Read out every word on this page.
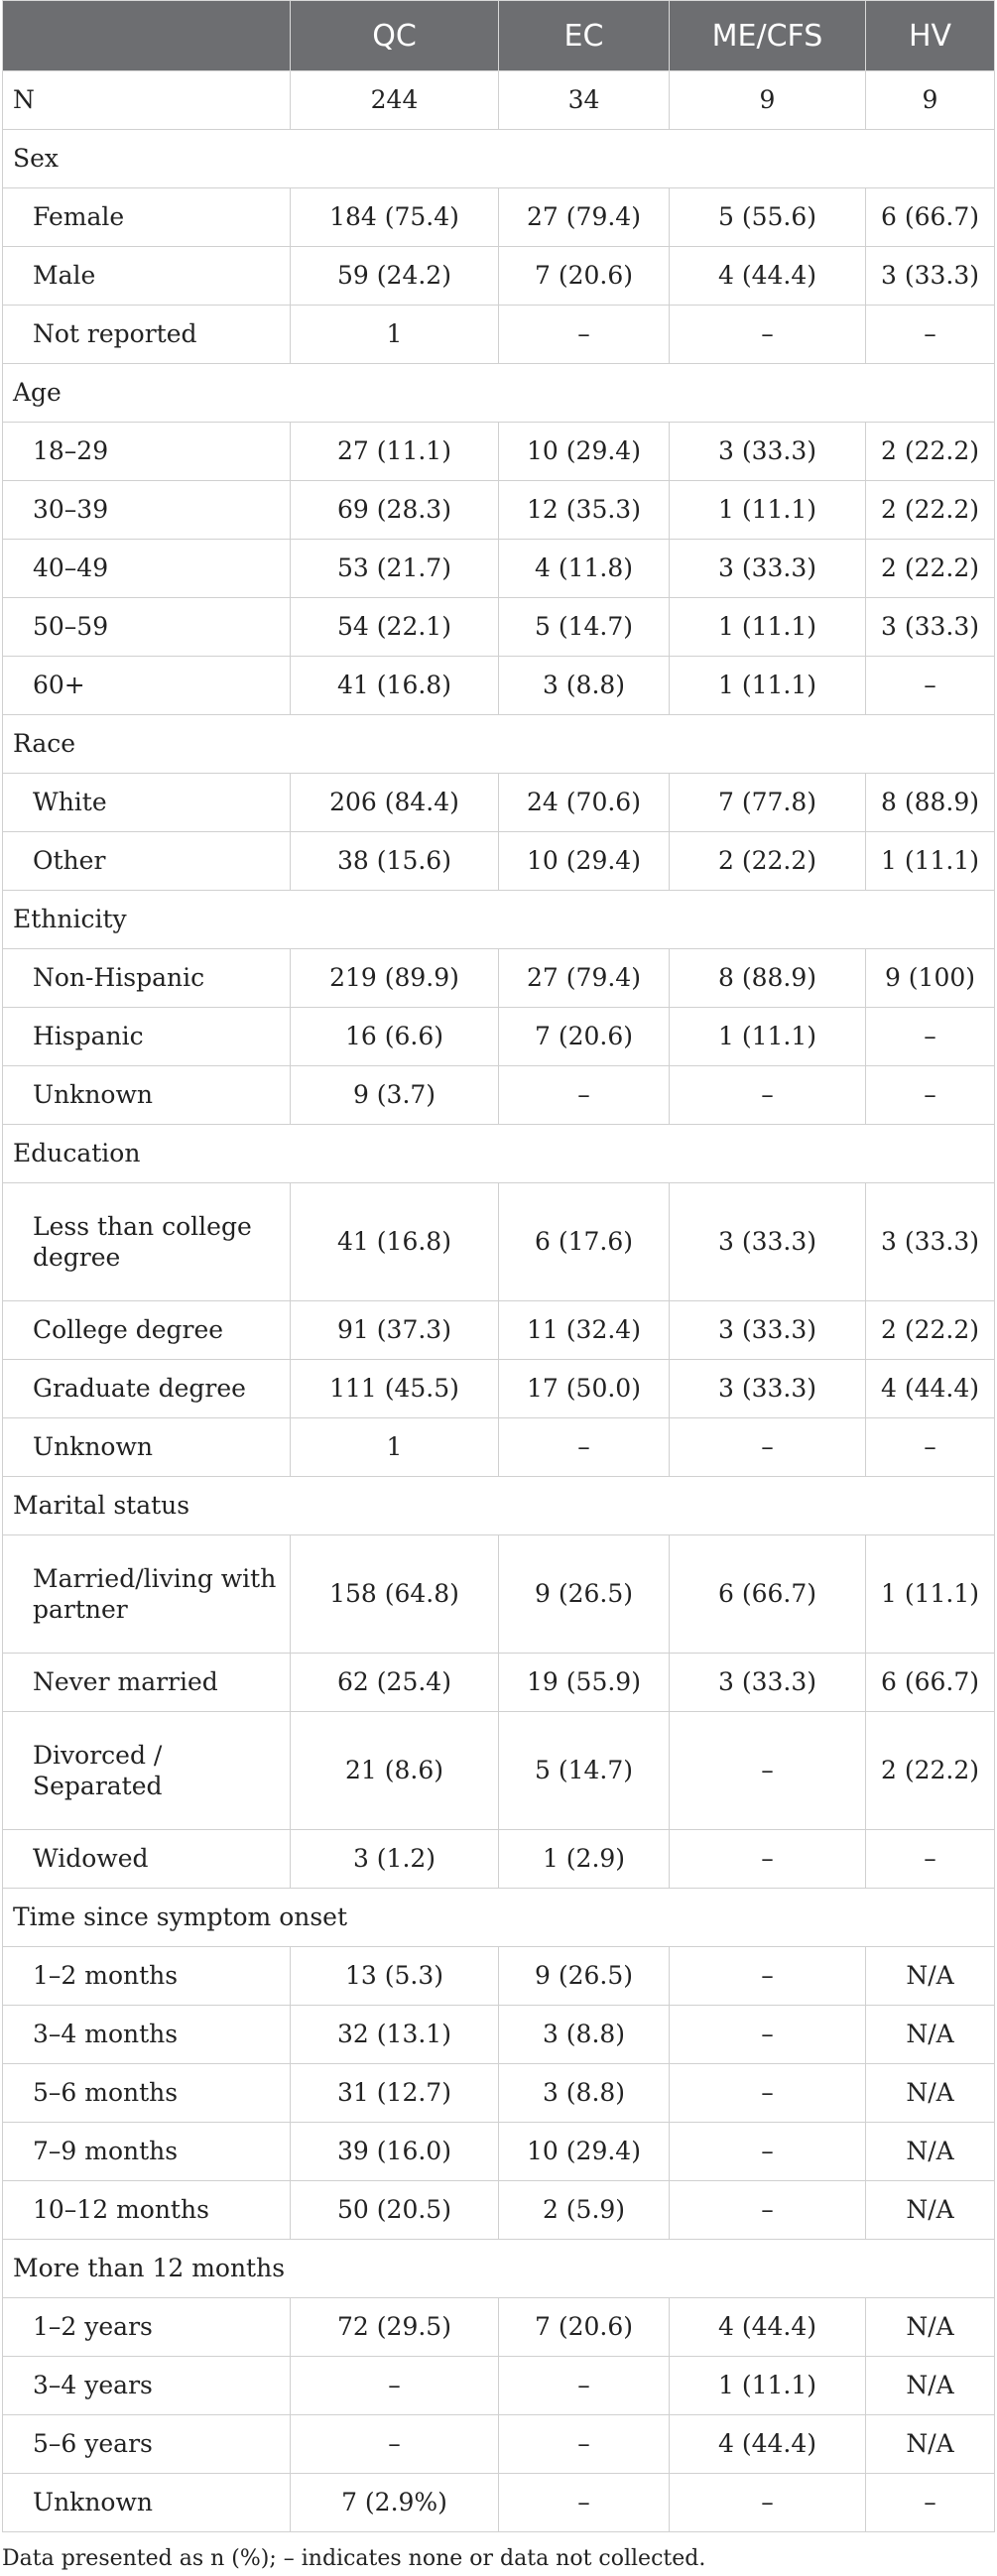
	QC	EC	ME/CFS	HV
N	244	34	9	9
Sex				
Female	184 (75.4)	27 (79.4)	5 (55.6)	6 (66.7)
Male	59 (24.2)	7 (20.6)	4 (44.4)	3 (33.3)
Not reported	1	–	–	–
Age				
18–29	27 (11.1)	10 (29.4)	3 (33.3)	2 (22.2)
30–39	69 (28.3)	12 (35.3)	1 (11.1)	2 (22.2)
40–49	53 (21.7)	4 (11.8)	3 (33.3)	2 (22.2)
50–59	54 (22.1)	5 (14.7)	1 (11.1)	3 (33.3)
60+	41 (16.8)	3 (8.8)	1 (11.1)	–
Race				
White	206 (84.4)	24 (70.6)	7 (77.8)	8 (88.9)
Other	38 (15.6)	10 (29.4)	2 (22.2)	1 (11.1)
Ethnicity				
Non-Hispanic	219 (89.9)	27 (79.4)	8 (88.9)	9 (100)
Hispanic	16 (6.6)	7 (20.6)	1 (11.1)	–
Unknown	9 (3.7)	–	–	–
Education				
Less than college degree	41 (16.8)	6 (17.6)	3 (33.3)	3 (33.3)
College degree	91 (37.3)	11 (32.4)	3 (33.3)	2 (22.2)
Graduate degree	111 (45.5)	17 (50.0)	3 (33.3)	4 (44.4)
Unknown	1	–	–	–
Marital status				
Married/living with partner	158 (64.8)	9 (26.5)	6 (66.7)	1 (11.1)
Never married	62 (25.4)	19 (55.9)	3 (33.3)	6 (66.7)
Divorced / Separated	21 (8.6)	5 (14.7)	–	2 (22.2)
Widowed	3 (1.2)	1 (2.9)	–	–
Time since symptom onset				
1–2 months	13 (5.3)	9 (26.5)	–	N/A
3–4 months	32 (13.1)	3 (8.8)	–	N/A
5–6 months	31 (12.7)	3 (8.8)	–	N/A
7–9 months	39 (16.0)	10 (29.4)	–	N/A
10–12 months	50 (20.5)	2 (5.9)	–	N/A
More than 12 months				
1–2 years	72 (29.5)	7 (20.6)	4 (44.4)	N/A
3–4 years	–	–	1 (11.1)	N/A
5–6 years	–	–	4 (44.4)	N/A
Unknown	7 (2.9%)	–	–	–
Data presented as n (%); – indicates none or data not collected.
